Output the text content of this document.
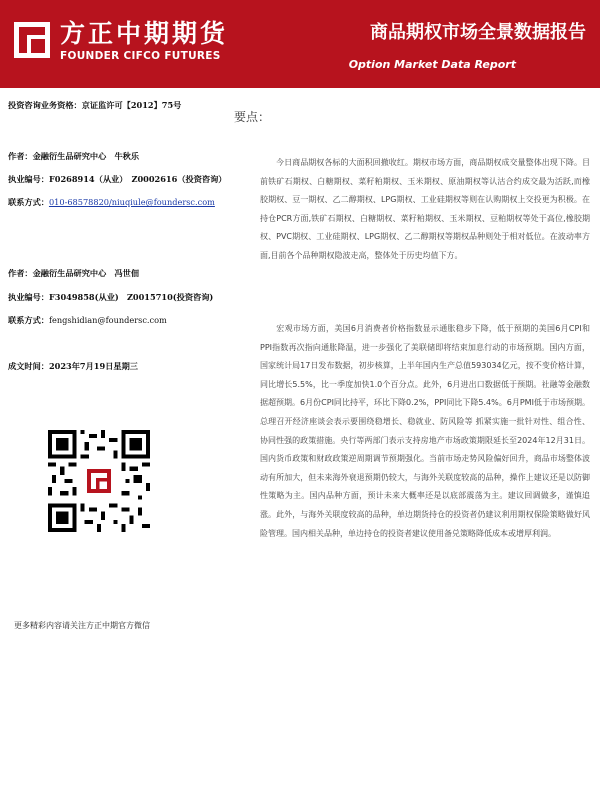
方正中期期货
FOUNDER CIFCO FUTURES
商品期权市场全景数据报告
Option Market Data Report
投资咨询业务资格：京证监许可【2012】75号
作者：金融衍生品研究中心　牛秋乐
执业编号：F0268914（从业）　Z0002616（投资咨询）
联系方式：010-68578820/niuqiule@foundersc.com
作者：金融衍生品研究中心　冯世佃
执业编号：F3049858(从业)　Z0015710(投资咨询)
联系方式：fengshidian@foundersc.com
成文时间：2023年7月19日星期三
更多精彩内容请关注方正中期官方微信
要点：

今日商品期权各标的大面积回撤收红。期权市场方面，商品期权成交量整体出现下降。目前铁矿石期权、白糖期权、菜籽粕期权、玉米期权、原油期权等认沽合约成交最为活跃,而橡胶期权、豆一期权、乙二醇期权、LPG期权、工业硅期权等则在认购期权上交投更为积极。在持仓PCR方面,铁矿石期权、白糖期权、菜籽粕期权、玉米期权、豆粕期权等处于高位,橡胶期权、PVC期权、工业硅期权、LPG期权、乙二醇期权等期权品种则处于相对低位。在波动率方面,目前各个品种期权隐波走高，整体处于历史均值下方。

宏观市场方面，美国6月消费者价格指数显示通胀稳步下降，低于预期的美国6月CPI和PPI指数再次指向通胀降温，进一步强化了美联储即将结束加息行动的市场预期。国内方面，国家统计局17日发布数据，初步核算，上半年国内生产总值593034亿元，按不变价格计算，同比增长5.5%，比一季度加快1.0个百分点。此外，6月进出口数据低于预期。社融等金融数据超预期。6月份CPI同比持平，环比下降0.2%，PPI同比下降5.4%。6月PMI低于市场预期。总理召开经济座谈会表示要围绕稳增长、稳就业、防风险等 抓紧实施一批针对性、组合性、协同性强的政策措施。央行等两部门表示支持房地产市场政策期限延长至2024年12月31日。国内货币政策和财政政策逆周期调节预期强化。当前市场走势风险偏好回升，商品市场整体波动有所加大，但未来海外衰退预期仍较大，与海外关联度较高的品种，操作上建议还是以防御性策略为主。国内品种方面，预计未来大概率还是以底部震荡为主。建议回调做多，谨慎追涨。此外，与海外关联度较高的品种，单边期货持仓的投资者仍建议利用期权保险策略做好风险管理。国内相关品种，单边持仓的投资者建议使用备兑策略降低成本或增厚利润。
